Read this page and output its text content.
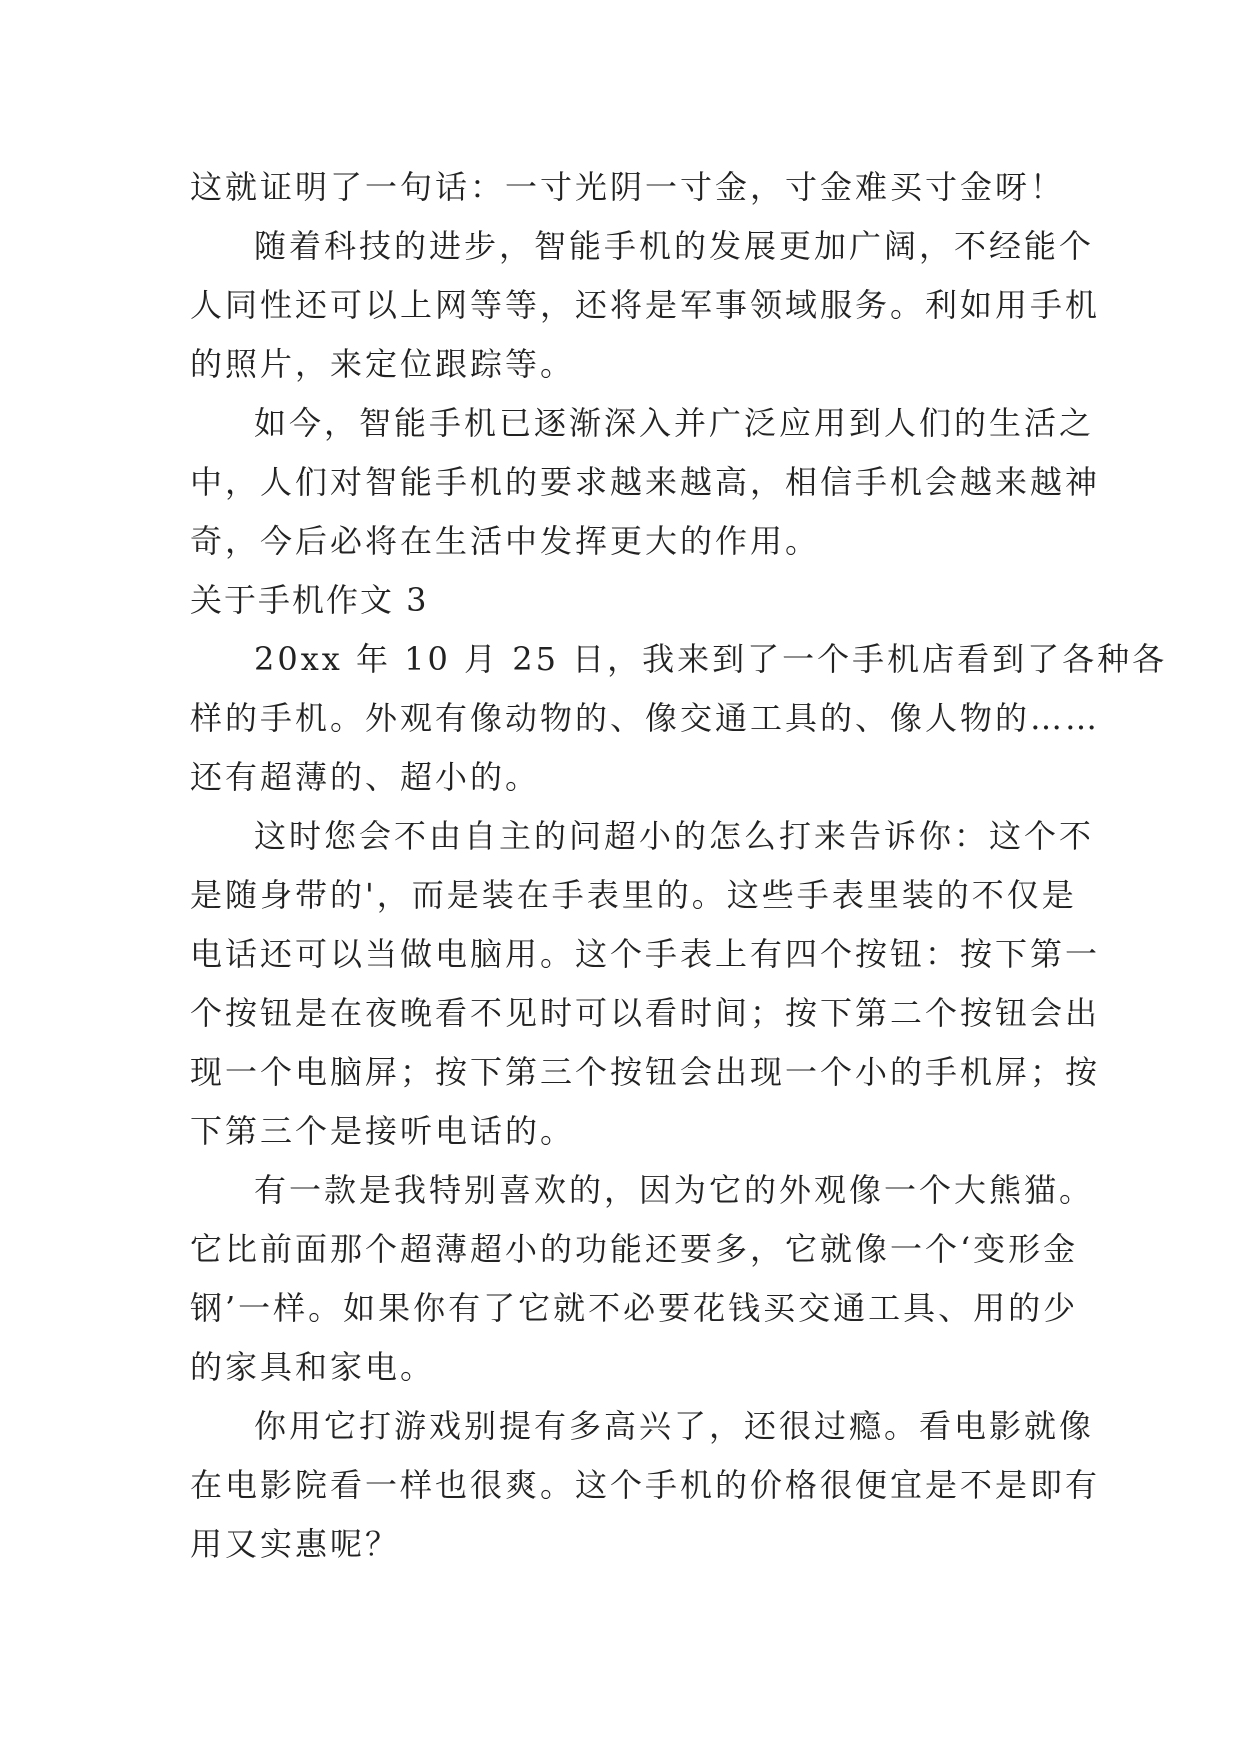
这就证明了一句话：一寸光阴一寸金，寸金难买寸金呀！
随着科技的进步，智能手机的发展更加广阔，不经能个
人同性还可以上网等等，还将是军事领域服务。利如用手机
的照片，来定位跟踪等。
如今，智能手机已逐渐深入并广泛应用到人们的生活之
中，人们对智能手机的要求越来越高，相信手机会越来越神
奇，今后必将在生活中发挥更大的作用。
关于手机作文 3
20xx 年 10 月 25 日，我来到了一个手机店看到了各种各
样的手机。外观有像动物的、像交通工具的、像人物的……
还有超薄的、超小的。
这时您会不由自主的问超小的怎么打来告诉你：这个不
是随身带的'，而是装在手表里的。这些手表里装的不仅是
电话还可以当做电脑用。这个手表上有四个按钮：按下第一
个按钮是在夜晚看不见时可以看时间；按下第二个按钮会出
现一个电脑屏；按下第三个按钮会出现一个小的手机屏；按
下第三个是接听电话的。
有一款是我特别喜欢的，因为它的外观像一个大熊猫。
它比前面那个超薄超小的功能还要多，它就像一个‘变形金
钢’一样。如果你有了它就不必要花钱买交通工具、用的少
的家具和家电。
你用它打游戏别提有多高兴了，还很过瘾。看电影就像
在电影院看一样也很爽。这个手机的价格很便宜是不是即有
用又实惠呢？
